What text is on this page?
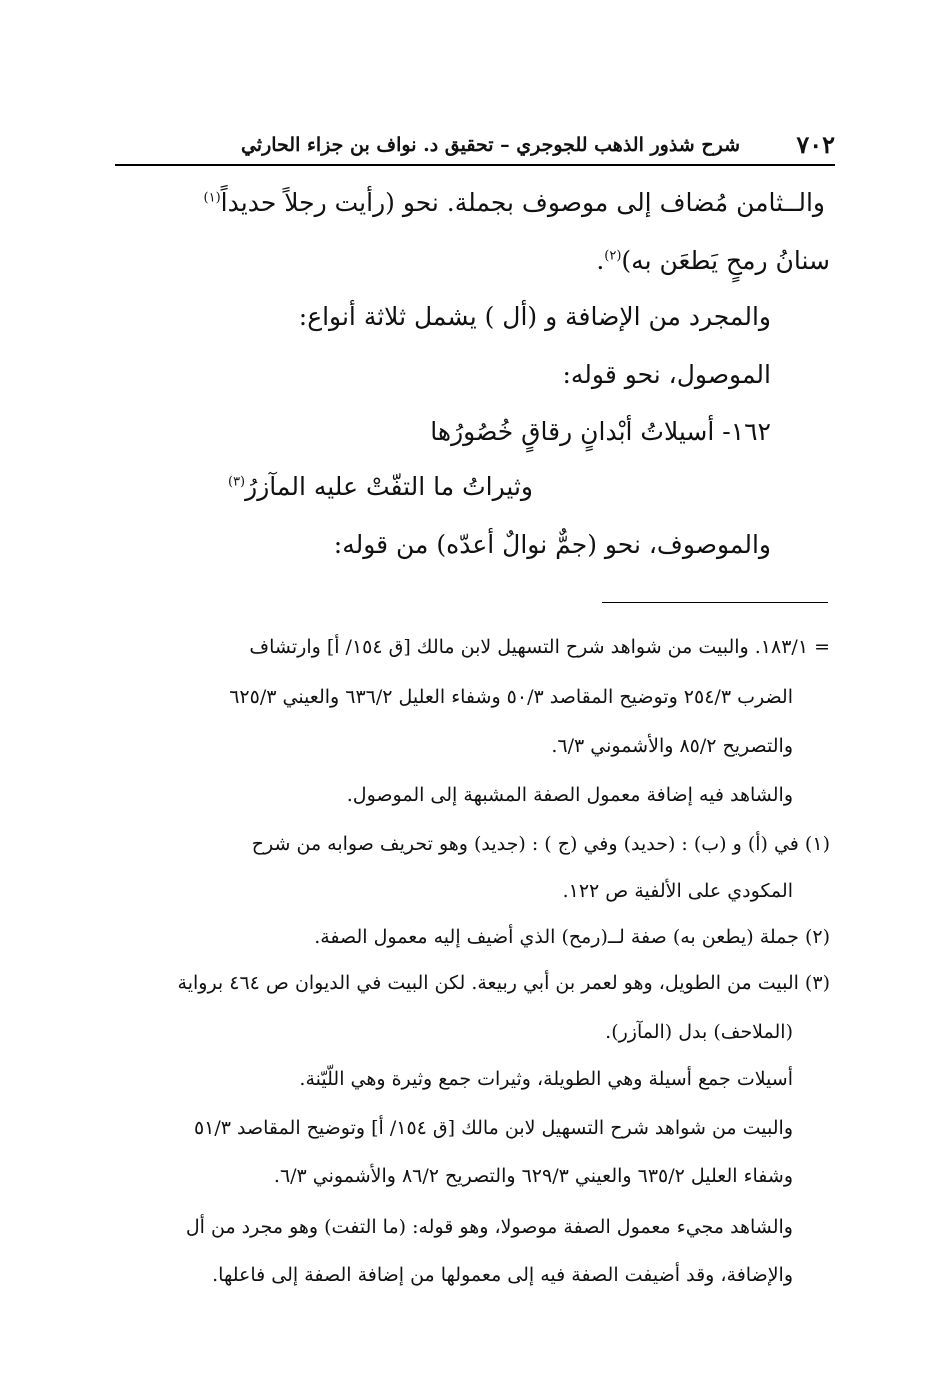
٧٠٢
شرح شذور الذهب للجوجري – تحقيق د. نواف بن جزاء الحارثي
والــثامن مُضاف إلى موصوف بجملة. نحو (رأيت رجلاً حديداً$^{(١)}$
سنانُ رمحٍ يَطعَن به)$^{(٢)}$.
والمجرد من الإضافة و (أل ) يشمل ثلاثة أنواع:
الموصول، نحو قوله:
١٦٢- أسيلاتُ أبْدانٍ رقاقٍ خُصُورُها
وثيراتُ ما التفّتْ عليه المآزرُ$^{(٣)}$
والموصوف، نحو (جمٌّ نوالٌ أعدّه) من قوله:
= ١٨٣/١. والبيت من شواهد شرح التسهيل لابن مالك [ق ١٥٤/ أ] وارتشاف
الضرب ٢٥٤/٣ وتوضيح المقاصد ٥٠/٣ وشفاء العليل ٦٣٦/٢ والعيني ٦٢٥/٣
والتصريح ٨٥/٢ والأشموني ٦/٣.
والشاهد فيه إضافة معمول الصفة المشبهة إلى الموصول.
(١) في (أ) و (ب) : (حديد) وفي (ج ) : (جديد) وهو تحريف صوابه من شرح
المكودي على الألفية ص ١٢٢.
(٢) جملة (يطعن به) صفة لــ(رمح) الذي أضيف إليه معمول الصفة.
(٣) البيت من الطويل، وهو لعمر بن أبي ربيعة. لكن البيت في الديوان ص ٤٦٤ برواية
(الملاحف) بدل (المآزر).
أسيلات جمع أسيلة وهي الطويلة، وثيرات جمع وثيرة وهي اللّيّنة.
والبيت من شواهد شرح التسهيل لابن مالك [ق ١٥٤/ أ] وتوضيح المقاصد ٥١/٣
وشفاء العليل ٦٣٥/٢ والعيني ٦٢٩/٣ والتصريح ٨٦/٢ والأشموني ٦/٣.
والشاهد مجيء معمول الصفة موصولا، وهو قوله: (ما التفت) وهو مجرد من أل
والإضافة، وقد أضيفت الصفة فيه إلى معمولها من إضافة الصفة إلى فاعلها.
